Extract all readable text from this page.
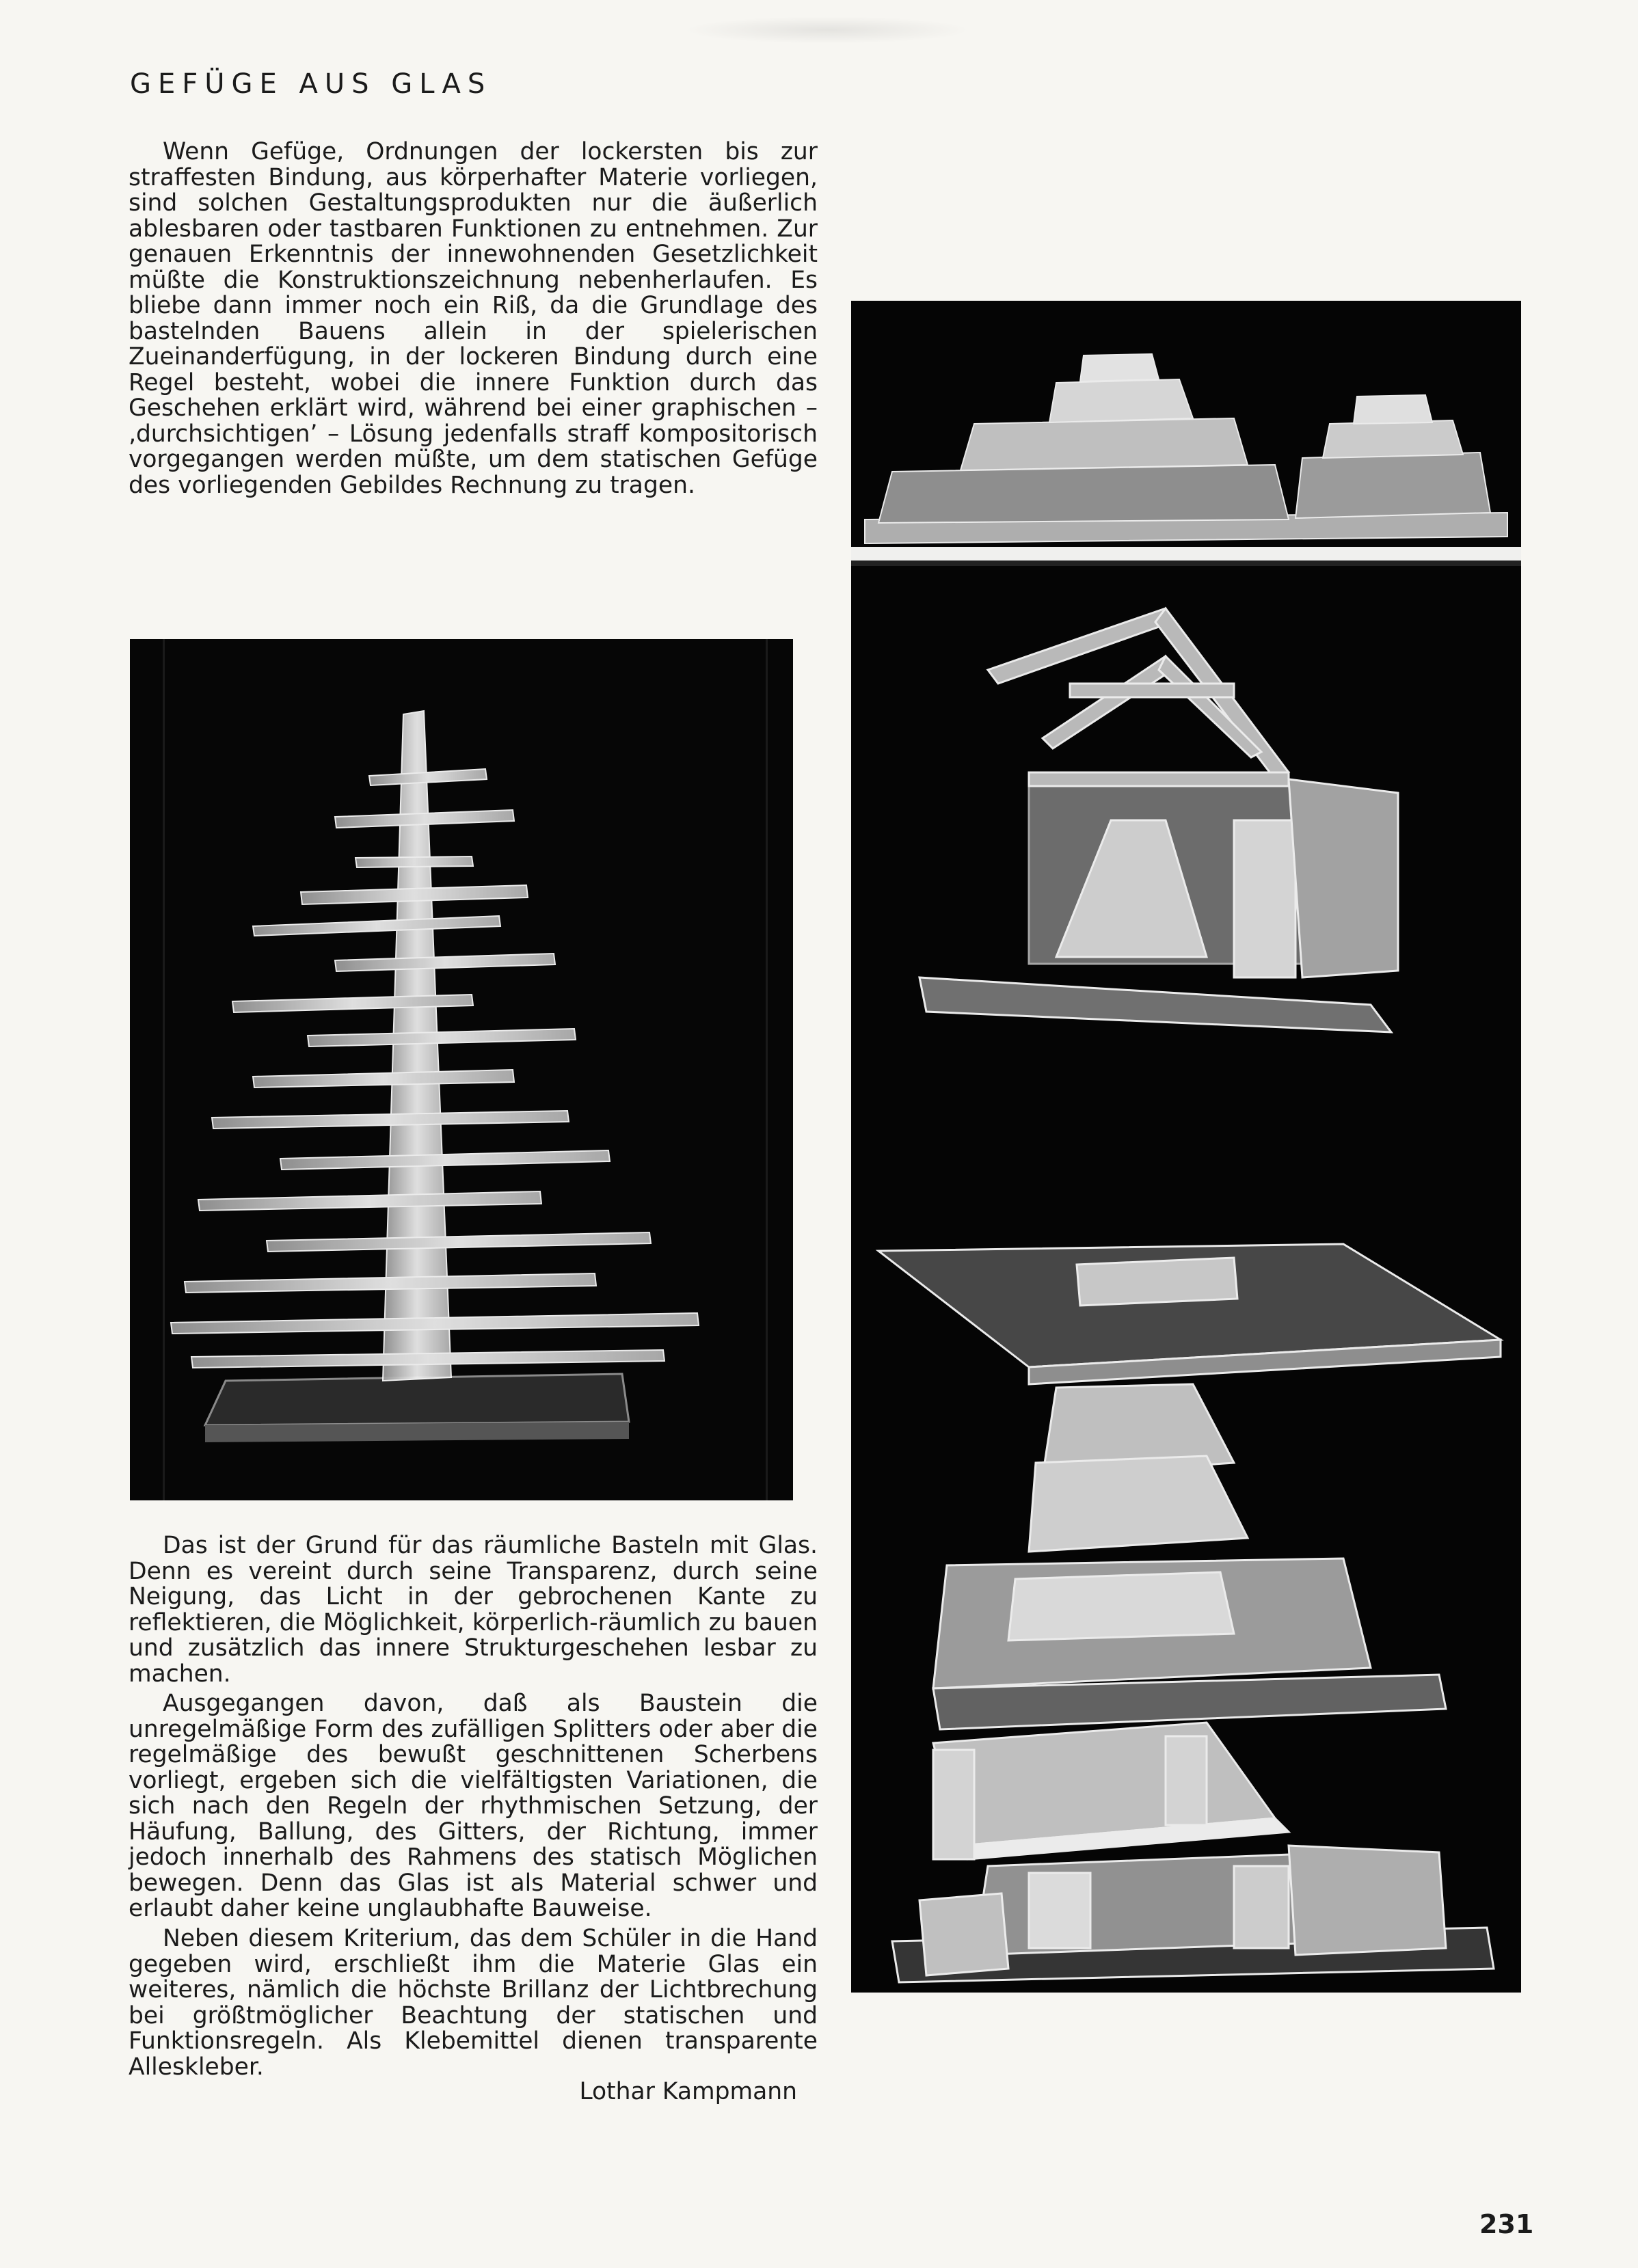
GEFÜGE AUS GLAS

Wenn Gefüge, Ordnungen der lockersten bis zur straffesten Bindung, aus körperhafter Materie vorliegen, sind solchen Gestaltungsprodukten nur die äußerlich ablesbaren oder tastbaren Funktionen zu entnehmen. Zur genauen Erkenntnis der innewohnenden Gesetzlichkeit müßte die Konstruktionszeichnung nebenherlaufen. Es bliebe dann immer noch ein Riß, da die Grundlage des bastelnden Bauens allein in der spielerischen Zueinanderfügung, in der lockeren Bindung durch eine Regel besteht, wobei die innere Funktion durch das Geschehen erklärt wird, während bei einer graphischen – ‚durchsichtigen’ – Lösung jedenfalls straff kompositorisch vorgegangen werden müßte, um dem statischen Gefüge des vorliegenden Gebildes Rechnung zu tragen.

Das ist der Grund für das räumliche Basteln mit Glas. Denn es vereint durch seine Transparenz, durch seine Neigung, das Licht in der gebrochenen Kante zu reflektieren, die Möglichkeit, körperlich-räumlich zu bauen und zusätzlich das innere Strukturgeschehen lesbar zu machen.

Ausgegangen davon, daß als Baustein die unregelmäßige Form des zufälligen Splitters oder aber die regelmäßige des bewußt geschnittenen Scherbens vorliegt, ergeben sich die vielfältigsten Variationen, die sich nach den Regeln der rhythmischen Setzung, der Häufung, Ballung, des Gitters, der Richtung, immer jedoch innerhalb des Rahmens des statisch Möglichen bewegen. Denn das Glas ist als Material schwer und erlaubt daher keine unglaubhafte Bauweise.

Neben diesem Kriterium, das dem Schüler in die Hand gegeben wird, erschließt ihm die Materie Glas ein weiteres, nämlich die höchste Brillanz der Lichtbrechung bei größtmöglicher Beachtung der statischen und Funktionsregeln. Als Klebemittel dienen transparente Alleskleber.

Lothar Kampmann
231
